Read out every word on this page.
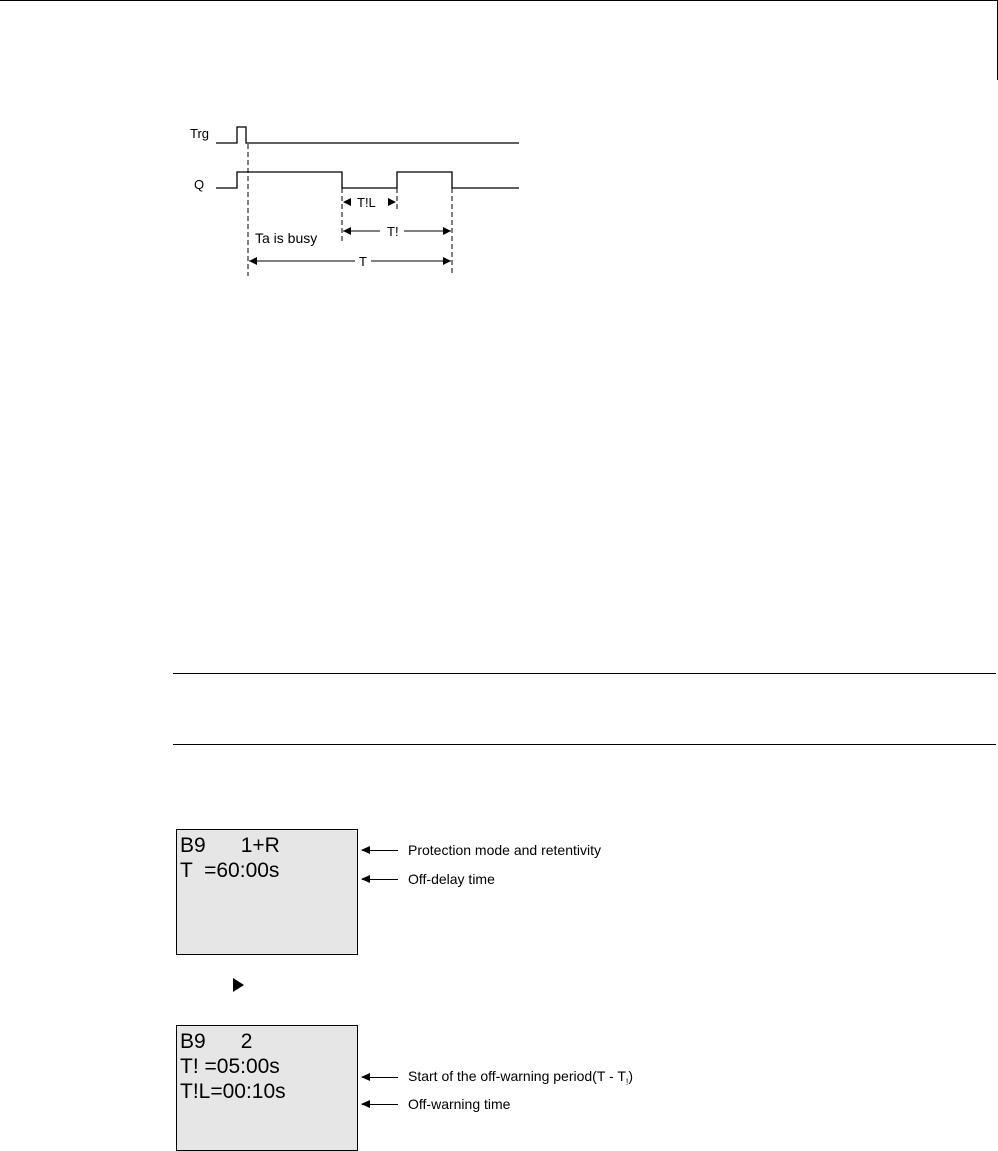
Trg
Q
T!L
T!
Ta is busy
T
B9      1+R
T  =60:00s
Protection mode and retentivity
Off-delay time
B9      2
T! =05:00s
T!L=00:10s
Start of the off-warning period(T - $T_!$)
Off-warning time
